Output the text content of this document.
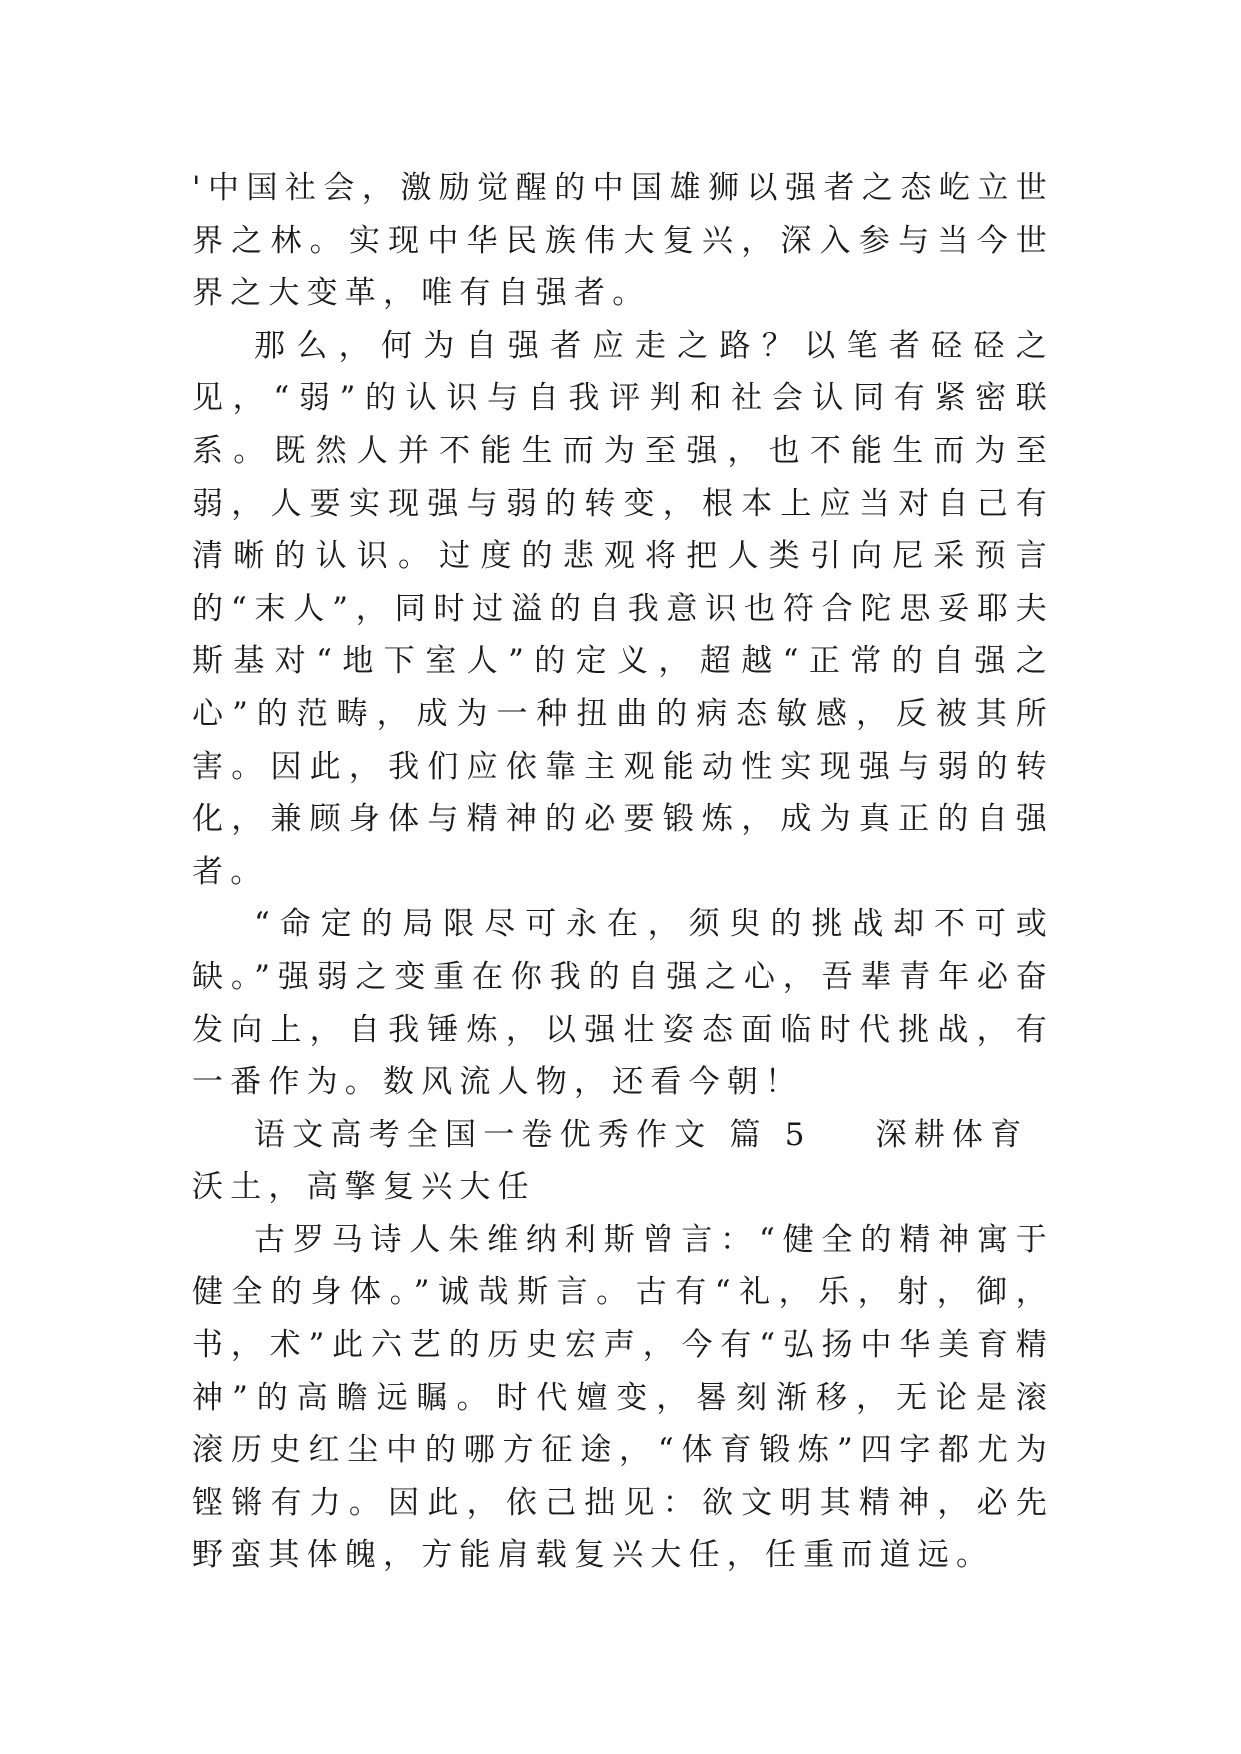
'中国社会，激励觉醒的中国雄狮以强者之态屹立世界之林。实现中华民族伟大复兴，深入参与当今世界之大变革，唯有自强者。

那么，何为自强者应走之路？以笔者硁硁之见，“弱”的认识与自我评判和社会认同有紧密联系。既然人并不能生而为至强，也不能生而为至弱，人要实现强与弱的转变，根本上应当对自己有清晰的认识。过度的悲观将把人类引向尼采预言的“末人”，同时过溢的自我意识也符合陀思妥耶夫斯基对“地下室人”的定义，超越“正常的自强之心”的范畴，成为一种扭曲的病态敏感，反被其所害。因此，我们应依靠主观能动性实现强与弱的转化，兼顾身体与精神的必要锻炼，成为真正的自强者。

“命定的局限尽可永在，须臾的挑战却不可或缺。”强弱之变重在你我的自强之心，吾辈青年必奋发向上，自我锤炼，以强壮姿态面临时代挑战，有一番作为。数风流人物，还看今朝！

语文高考全国一卷优秀作文 篇 5 深耕体育沃土，高擎复兴大任

古罗马诗人朱维纳利斯曾言：“健全的精神寓于健全的身体。”诚哉斯言。古有“礼，乐，射，御，书，术”此六艺的历史宏声，今有“弘扬中华美育精神”的高瞻远瞩。时代嬗变，晷刻渐移，无论是滚滚历史红尘中的哪方征途，“体育锻炼”四字都尤为铿锵有力。因此，依己拙见：欲文明其精神，必先野蛮其体魄，方能肩载复兴大任，任重而道远。
